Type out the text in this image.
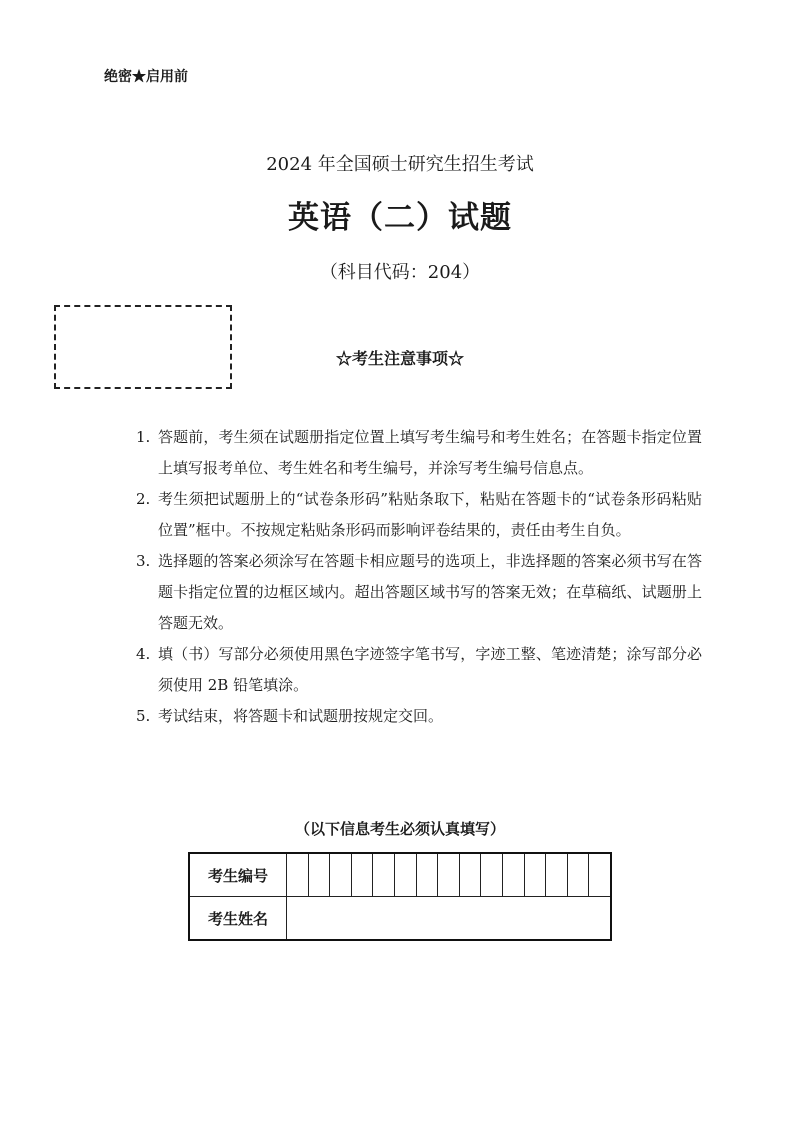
绝密★启用前
2024 年全国硕士研究生招生考试
英语（二）试题
（科目代码：204）
☆考生注意事项☆
1. 答题前，考生须在试题册指定位置上填写考生编号和考生姓名；在答题卡指定位置上填写报考单位、考生姓名和考生编号，并涂写考生编号信息点。
2. 考生须把试题册上的“试卷条形码”粘贴条取下，粘贴在答题卡的“试卷条形码粘贴位置”框中。不按规定粘贴条形码而影响评卷结果的，责任由考生自负。
3. 选择题的答案必须涂写在答题卡相应题号的选项上，非选择题的答案必须书写在答题卡指定位置的边框区域内。超出答题区域书写的答案无效；在草稿纸、试题册上答题无效。
4. 填（书）写部分必须使用黑色字迹签字笔书写，字迹工整、笔迹清楚；涂写部分必须使用 2B 铅笔填涂。
5. 考试结束，将答题卡和试题册按规定交回。
（以下信息考生必须认真填写）
考生编号	

考生姓名	
